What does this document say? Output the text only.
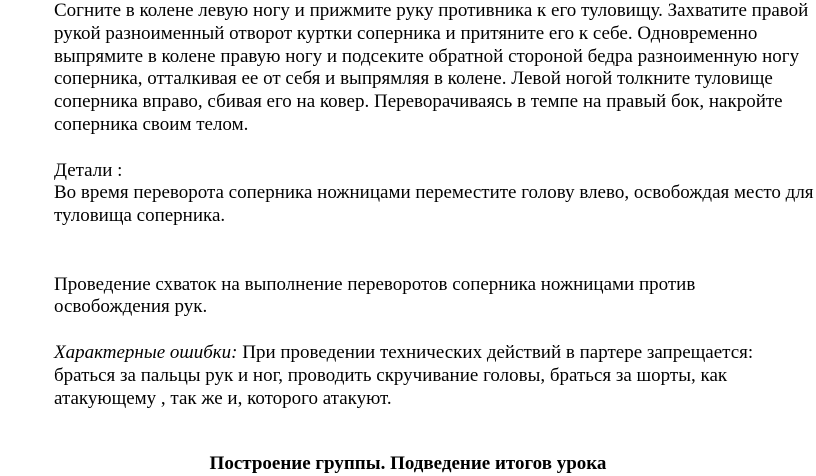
Согните в колене левую ногу и прижмите руку противника к его туловищу. Захватите правой рукой разноименный отворот куртки соперника и притяните его к себе. Одновременно выпрямите в колене правую ногу и подсеките обратной стороной бедра разноименную ногу соперника, отталкивая ее от себя и выпрямляя в колене. Левой ногой толкните туловище соперника вправо, сбивая его на ковер. Переворачиваясь в темпе на правый бок, накройте соперника своим телом.

Детали :

Во время переворота соперника ножницами переместите голову влево, освобождая место для туловища соперника.

Проведение схваток на выполнение переворотов соперника ножницами против освобождения рук.

Характерные ошибки: При проведении технических действий в партере запрещается: браться за пальцы рук и ног, проводить скручивание головы, браться за шорты, как атакующему , так же и, которого атакуют.

Построение группы. Подведение итогов урока
